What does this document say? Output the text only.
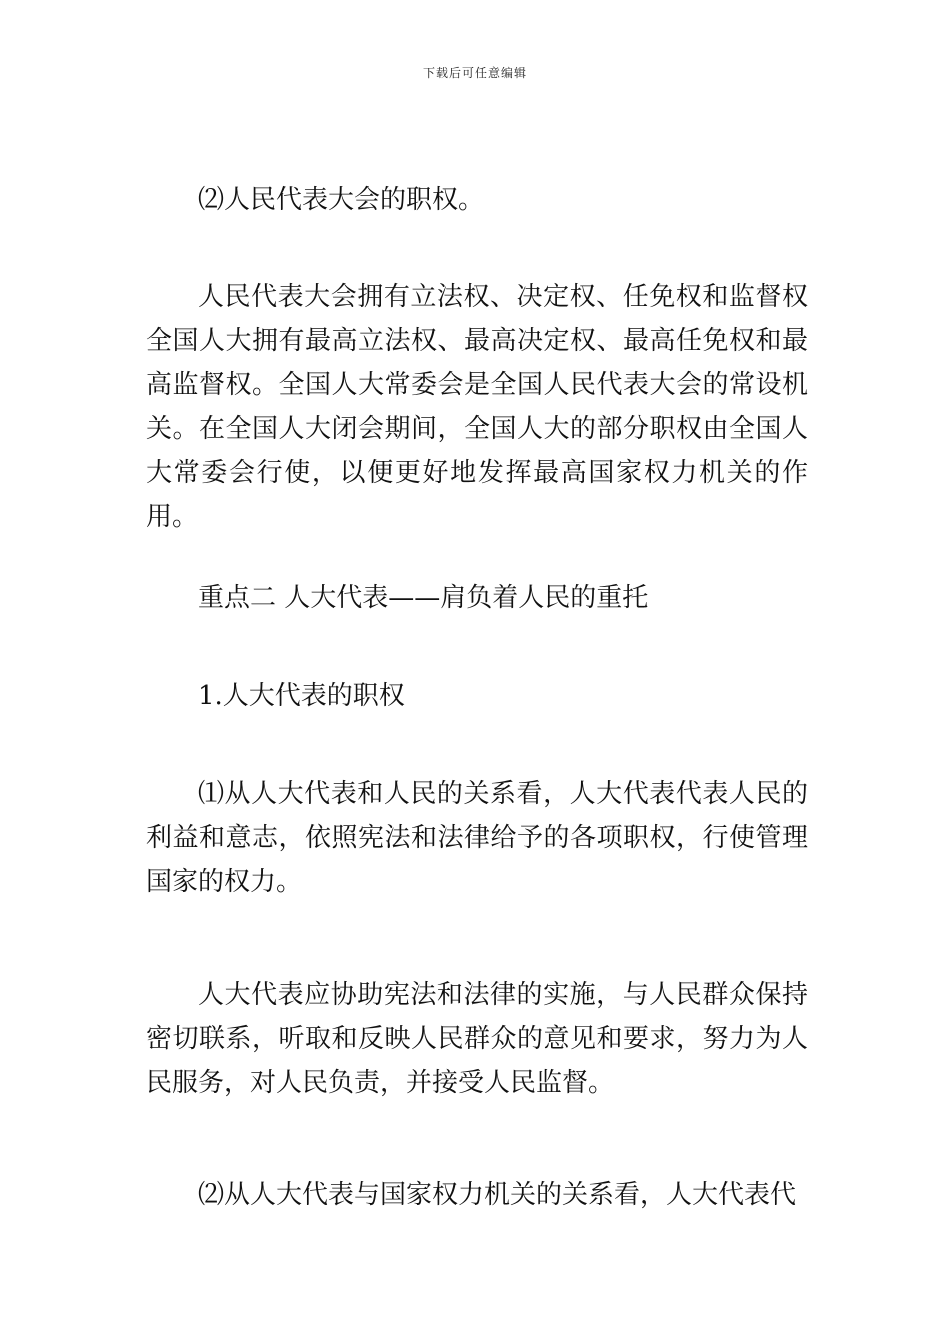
下载后可任意编辑

⑵人民代表大会的职权。

人民代表大会拥有立法权、决定权、任免权和监督权全国人大拥有最高立法权、最高决定权、最高任免权和最高监督权。全国人大常委会是全国人民代表大会的常设机关。在全国人大闭会期间，全国人大的部分职权由全国人大常委会行使，以便更好地发挥最高国家权力机关的作用。

重点二 人大代表——肩负着人民的重托

1.人大代表的职权

⑴从人大代表和人民的关系看，人大代表代表人民的利益和意志，依照宪法和法律给予的各项职权，行使管理国家的权力。

人大代表应协助宪法和法律的实施，与人民群众保持密切联系，听取和反映人民群众的意见和要求，努力为人民服务，对人民负责，并接受人民监督。

⑵从人大代表与国家权力机关的关系看，人大代表代
